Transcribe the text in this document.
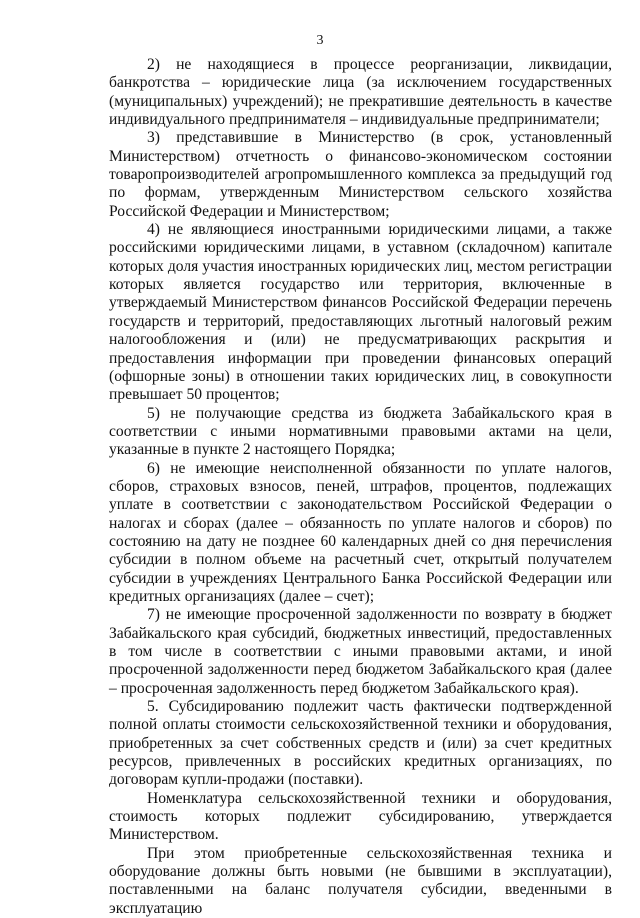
3

2) не находящиеся в процессе реорганизации, ликвидации, банкротства – юридические лица (за исключением государственных (муниципальных) учреждений); не прекратившие деятельность в качестве индивидуального предпринимателя – индивидуальные предприниматели;

3) представившие в Министерство (в срок, установленный Министерством) отчетность о финансово-экономическом состоянии товаропроизводителей агропромышленного комплекса за предыдущий год по формам, утвержденным Министерством сельского хозяйства Российской Федерации и Министерством;

4) не являющиеся иностранными юридическими лицами, а также российскими юридическими лицами, в уставном (складочном) капитале которых доля участия иностранных юридических лиц, местом регистрации которых является государство или территория, включенные в утверждаемый Министерством финансов Российской Федерации перечень государств и территорий, предоставляющих льготный налоговый режим налогообложения и (или) не предусматривающих раскрытия и предоставления информации при проведении финансовых операций (офшорные зоны) в отношении таких юридических лиц, в совокупности превышает 50 процентов;

5) не получающие средства из бюджета Забайкальского края в соответствии с иными нормативными правовыми актами на цели, указанные в пункте 2 настоящего Порядка;

6) не имеющие неисполненной обязанности по уплате налогов, сборов, страховых взносов, пеней, штрафов, процентов, подлежащих уплате в соответствии с законодательством Российской Федерации о налогах и сборах (далее – обязанность по уплате налогов и сборов) по состоянию на дату не позднее 60 календарных дней со дня перечисления субсидии в полном объеме на расчетный счет, открытый получателем субсидии в учреждениях Центрального Банка Российской Федерации или кредитных организациях (далее – счет);

7) не имеющие просроченной задолженности по возврату в бюджет Забайкальского края субсидий, бюджетных инвестиций, предоставленных в том числе в соответствии с иными правовыми актами, и иной просроченной задолженности перед бюджетом Забайкальского края (далее – просроченная задолженность перед бюджетом Забайкальского края).

5. Субсидированию подлежит часть фактически подтвержденной полной оплаты стоимости сельскохозяйственной техники и оборудования, приобретенных за счет собственных средств и (или) за счет кредитных ресурсов, привлеченных в российских кредитных организациях, по договорам купли-продажи (поставки).

Номенклатура сельскохозяйственной техники и оборудования, стоимость которых подлежит субсидированию, утверждается Министерством.

При этом приобретенные сельскохозяйственная техника и оборудование должны быть новыми (не бывшими в эксплуатации), поставленными на баланс получателя субсидии, введенными в эксплуатацию
